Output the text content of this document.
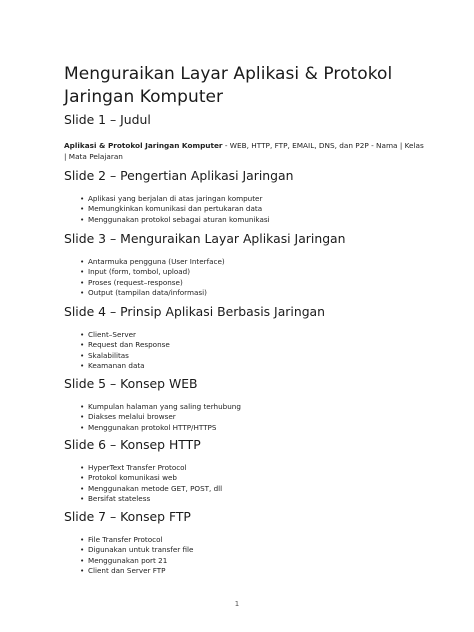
Menguraikan Layar Aplikasi & Protokol Jaringan Komputer
Slide 1 – Judul

Aplikasi & Protokol Jaringan Komputer - WEB, HTTP, FTP, EMAIL, DNS, dan P2P - Nama | Kelas | Mata Pelajaran

Slide 2 – Pengertian Aplikasi Jaringan
• Aplikasi yang berjalan di atas jaringan komputer
• Memungkinkan komunikasi dan pertukaran data
• Menggunakan protokol sebagai aturan komunikasi
Slide 3 – Menguraikan Layar Aplikasi Jaringan
• Antarmuka pengguna (User Interface)
• Input (form, tombol, upload)
• Proses (request–response)
• Output (tampilan data/informasi)
Slide 4 – Prinsip Aplikasi Berbasis Jaringan
• Client–Server
• Request dan Response
• Skalabilitas
• Keamanan data
Slide 5 – Konsep WEB
• Kumpulan halaman yang saling terhubung
• Diakses melalui browser
• Menggunakan protokol HTTP/HTTPS
Slide 6 – Konsep HTTP
• HyperText Transfer Protocol
• Protokol komunikasi web
• Menggunakan metode GET, POST, dll
• Bersifat stateless
Slide 7 – Konsep FTP
• File Transfer Protocol
• Digunakan untuk transfer file
• Menggunakan port 21
• Client dan Server FTP
1
